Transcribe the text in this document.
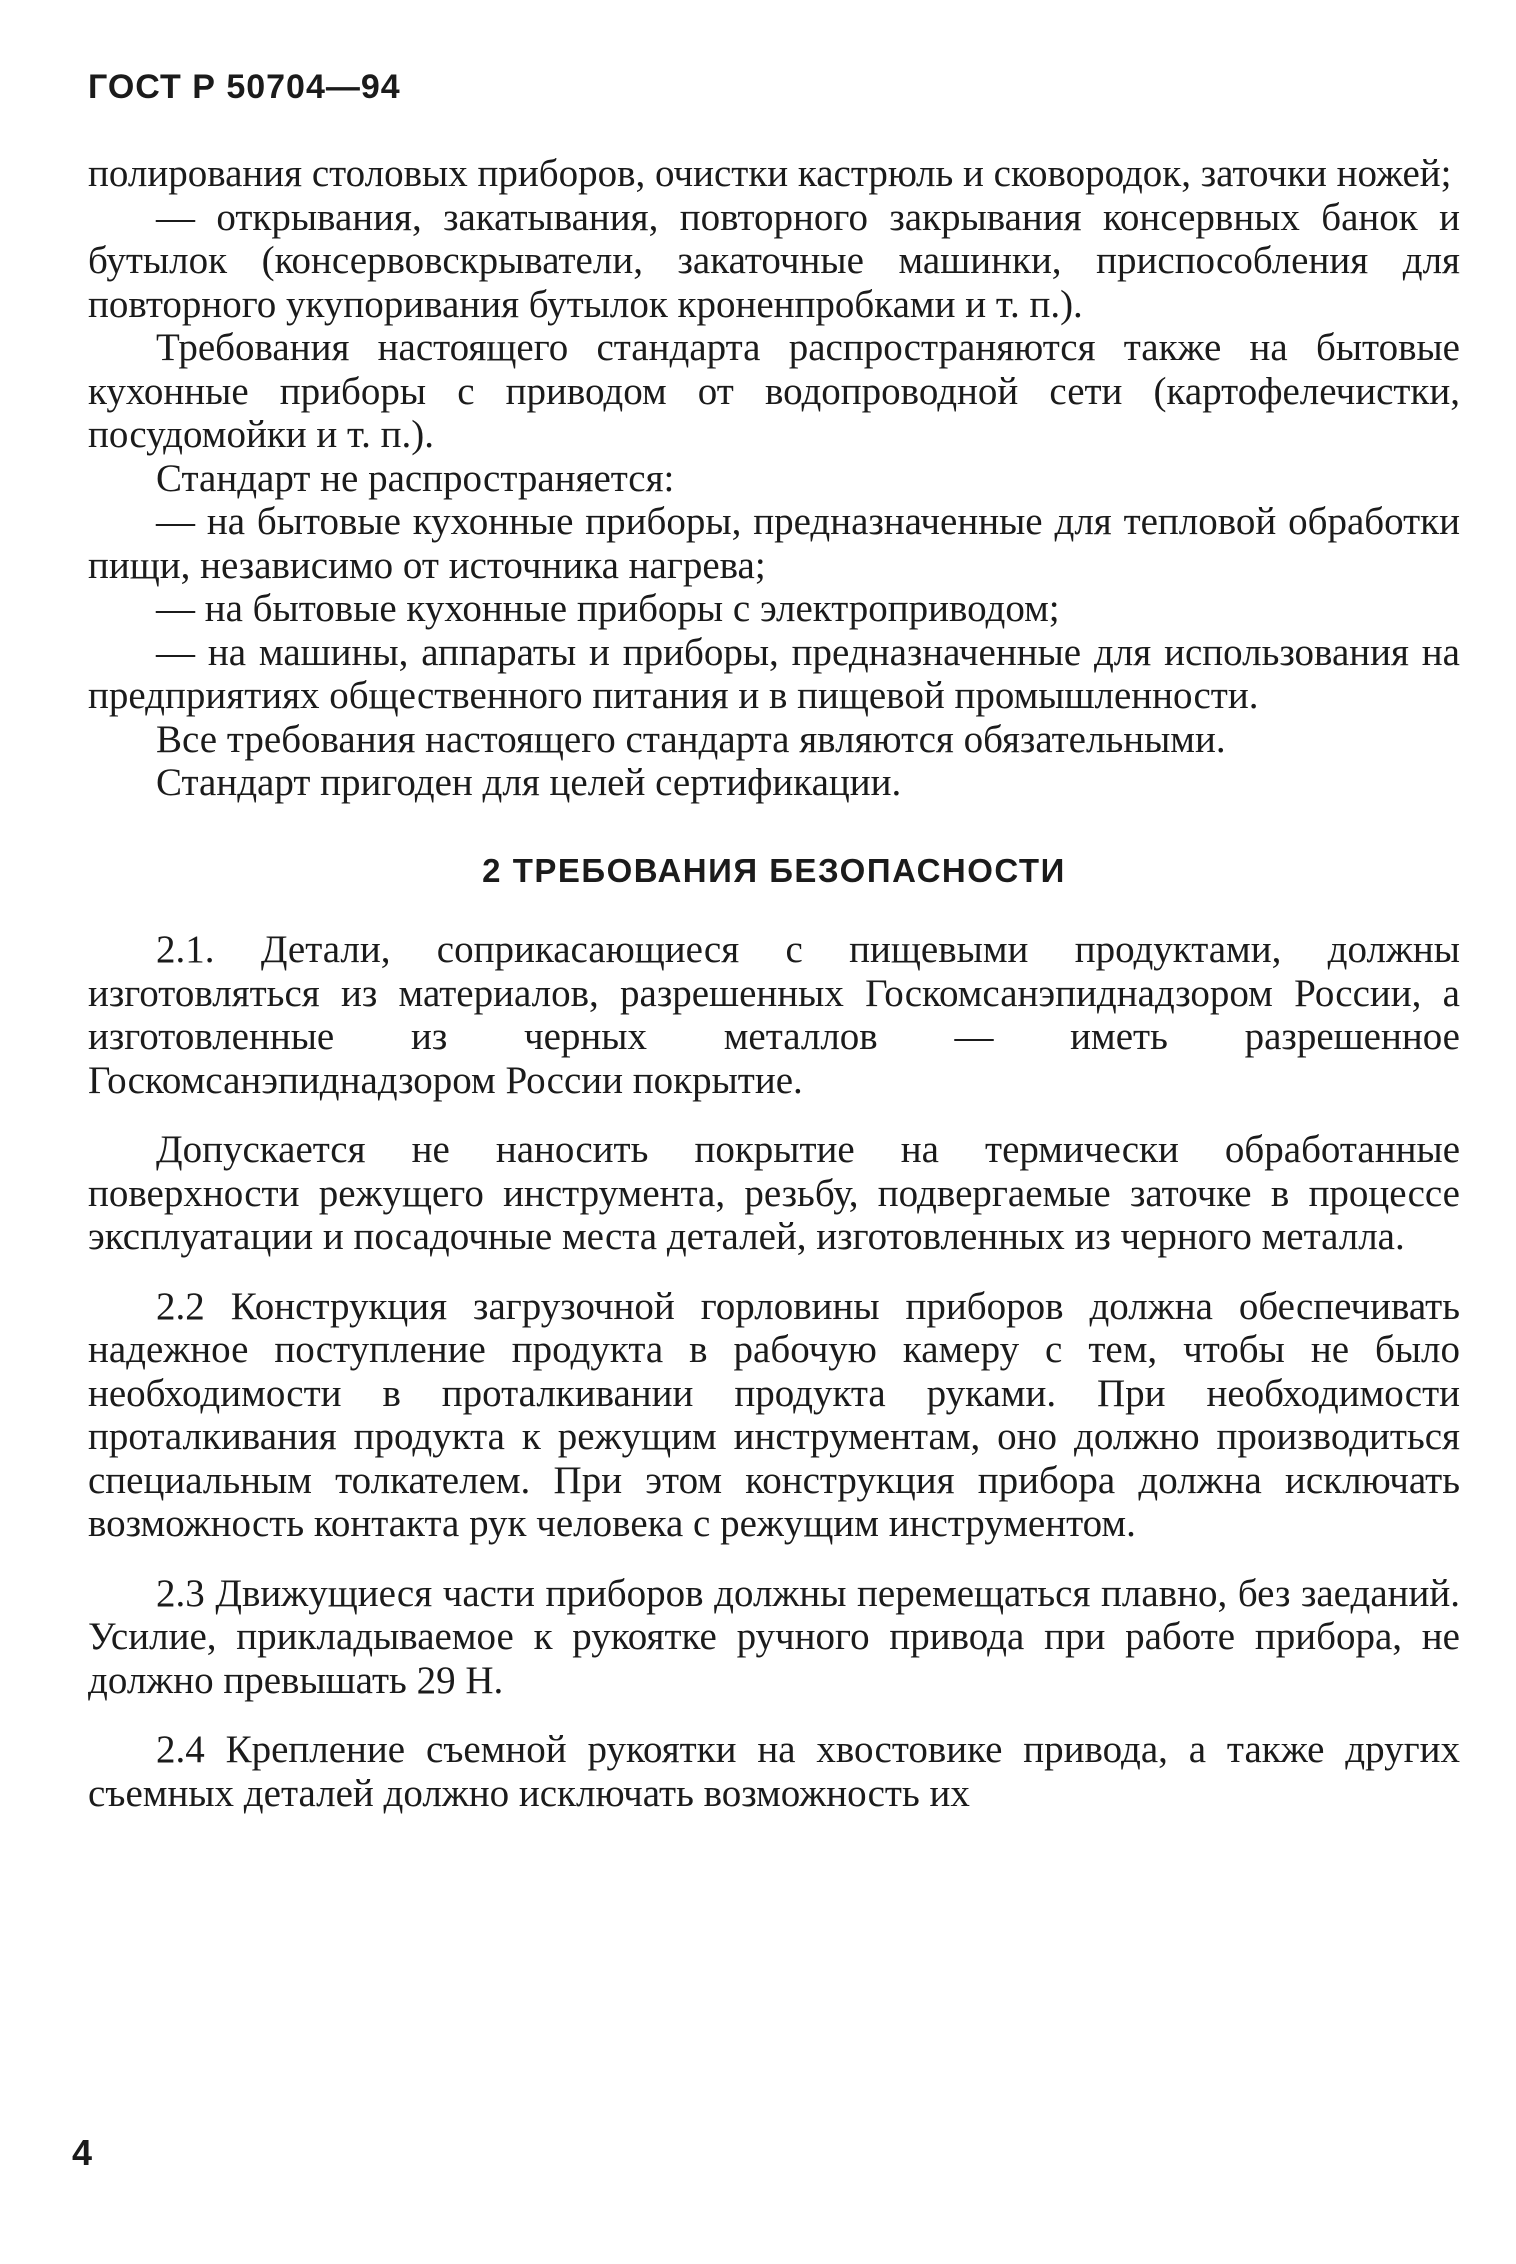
ГОСТ Р 50704—94

полирования столовых приборов, очистки кастрюль и сковородок, заточки ножей;

— открывания, закатывания, повторного закрывания консервных банок и бутылок (консервовскрыватели, закаточные машинки, приспособления для повторного укупоривания бутылок кроненпробками и т. п.).

Требования настоящего стандарта распространяются также на бытовые кухонные приборы с приводом от водопроводной сети (картофелечистки, посудомойки и т. п.).

Стандарт не распространяется:

— на бытовые кухонные приборы, предназначенные для тепловой обработки пищи, независимо от источника нагрева;

— на бытовые кухонные приборы с электроприводом;

— на машины, аппараты и приборы, предназначенные для использования на предприятиях общественного питания и в пищевой промышленности.

Все требования настоящего стандарта являются обязательными.

Стандарт пригоден для целей сертификации.

2 ТРЕБОВАНИЯ БЕЗОПАСНОСТИ

2.1. Детали, соприкасающиеся с пищевыми продуктами, должны изготовляться из материалов, разрешенных Госкомсанэпиднадзором России, а изготовленные из черных металлов — иметь разрешенное Госкомсанэпиднадзором России покрытие.

Допускается не наносить покрытие на термически обработанные поверхности режущего инструмента, резьбу, подвергаемые заточке в процессе эксплуатации и посадочные места деталей, изготовленных из черного металла.

2.2 Конструкция загрузочной горловины приборов должна обеспечивать надежное поступление продукта в рабочую камеру с тем, чтобы не было необходимости в проталкивании продукта руками. При необходимости проталкивания продукта к режущим инструментам, оно должно производиться специальным толкателем. При этом конструкция прибора должна исключать возможность контакта рук человека с режущим инструментом.

2.3 Движущиеся части приборов должны перемещаться плавно, без заеданий. Усилие, прикладываемое к рукоятке ручного привода при работе прибора, не должно превышать 29 Н.

2.4 Крепление съемной рукоятки на хвостовике привода, а также других съемных деталей должно исключать возможность их

4
